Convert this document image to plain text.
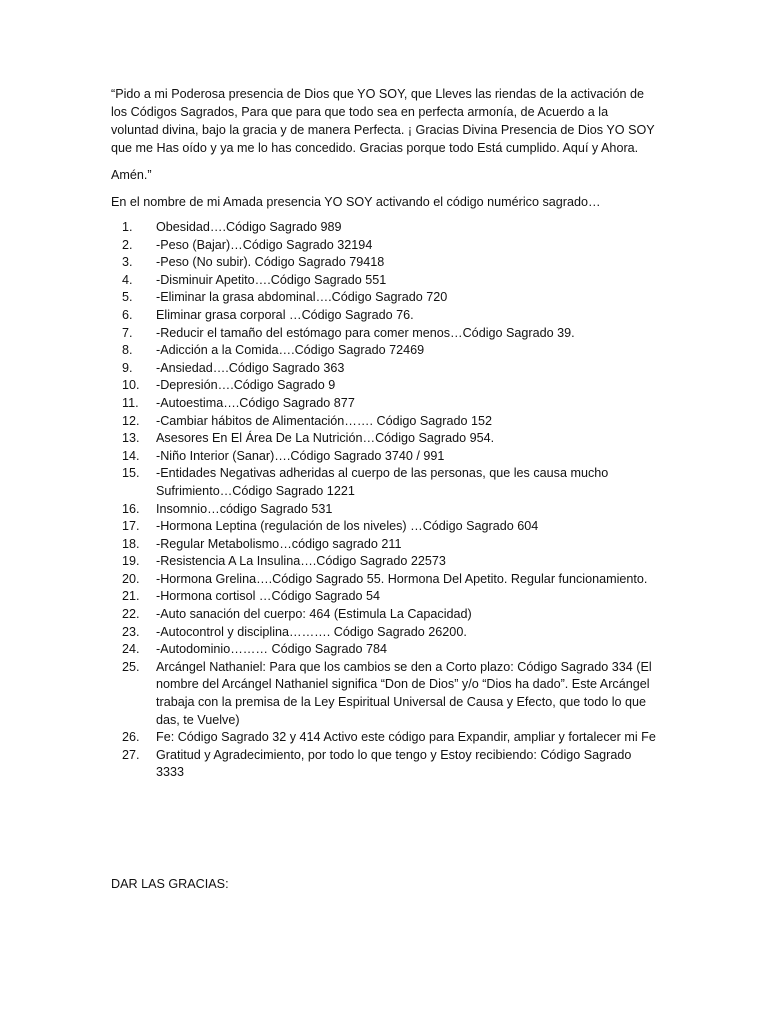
“Pido a mi Poderosa presencia de Dios que YO SOY, que Lleves las riendas de la activación de los Códigos Sagrados, Para que para que todo sea en perfecta armonía, de Acuerdo a la voluntad divina, bajo la gracia y de manera Perfecta. ¡ Gracias Divina Presencia de Dios YO SOY que me Has oído y ya me lo has concedido. Gracias porque todo Está cumplido. Aquí y Ahora.

Amén.”

En el nombre de mi Amada presencia YO SOY activando el código numérico sagrado…

1.	Obesidad….Código Sagrado 989
2.	-Peso (Bajar)…Código Sagrado 32194
3.	-Peso (No subir). Código Sagrado 79418
4.	-Disminuir Apetito….Código Sagrado 551
5.	-Eliminar la grasa abdominal….Código Sagrado 720
6.	Eliminar grasa corporal …Código Sagrado 76.
7.	-Reducir el tamaño del estómago para comer menos…Código Sagrado 39.
8.	-Adicción a la Comida….Código Sagrado 72469
9.	-Ansiedad….Código Sagrado 363
10.	-Depresión….Código Sagrado 9
11.	-Autoestima….Código Sagrado 877
12.	-Cambiar hábitos de Alimentación……. Código Sagrado 152
13.	Asesores En El Área De La Nutrición…Código Sagrado 954.
14.	-Niño Interior (Sanar)….Código Sagrado 3740 / 991
15.	-Entidades Negativas adheridas al cuerpo de las personas, que les causa mucho Sufrimiento…Código Sagrado 1221
16.	Insomnio…código Sagrado 531
17.	-Hormona Leptina (regulación de los niveles) …Código Sagrado 604
18.	-Regular Metabolismo…código sagrado 211
19.	-Resistencia A La Insulina….Código Sagrado 22573
20.	-Hormona Grelina….Código Sagrado 55. Hormona Del Apetito. Regular funcionamiento.
21.	-Hormona cortisol …Código Sagrado 54
22.	-Auto sanación del cuerpo: 464 (Estimula La Capacidad)
23.	-Autocontrol y disciplina………. Código Sagrado 26200.
24.	-Autodominio……… Código Sagrado 784
25.	Arcángel Nathaniel: Para que los cambios se den a Corto plazo: Código Sagrado 334 (El nombre del Arcángel Nathaniel significa “Don de Dios” y/o “Dios ha dado”. Este Arcángel trabaja con la premisa de la Ley Espiritual Universal de Causa y Efecto, que todo lo que das, te Vuelve)
26.	Fe: Código Sagrado 32 y 414 Activo este código para Expandir, ampliar y fortalecer mi Fe
27.	Gratitud y Agradecimiento, por todo lo que tengo y Estoy recibiendo: Código Sagrado 3333
DAR LAS GRACIAS:
